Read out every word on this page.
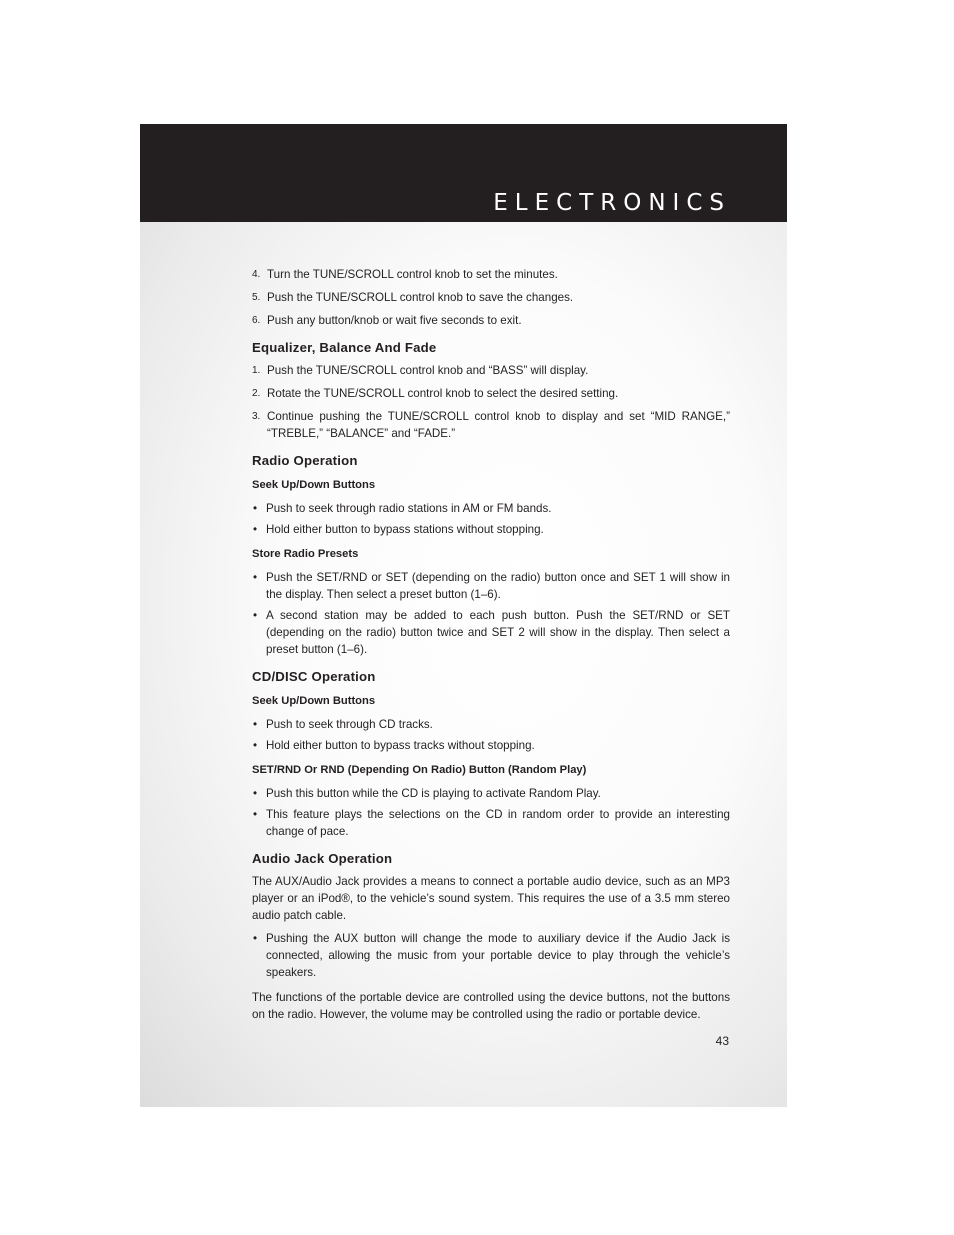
ELECTRONICS
4. Turn the TUNE/SCROLL control knob to set the minutes.
5. Push the TUNE/SCROLL control knob to save the changes.
6. Push any button/knob or wait five seconds to exit.
Equalizer, Balance And Fade
1. Push the TUNE/SCROLL control knob and “BASS” will display.
2. Rotate the TUNE/SCROLL control knob to select the desired setting.
3. Continue pushing the TUNE/SCROLL control knob to display and set “MID RANGE,” “TREBLE,” “BALANCE” and “FADE.”
Radio Operation
Seek Up/Down Buttons
• Push to seek through radio stations in AM or FM bands.
• Hold either button to bypass stations without stopping.
Store Radio Presets
• Push the SET/RND or SET (depending on the radio) button once and SET 1 will show in the display. Then select a preset button (1–6).
• A second station may be added to each push button. Push the SET/RND or SET (depending on the radio) button twice and SET 2 will show in the display. Then select a preset button (1–6).
CD/DISC Operation
Seek Up/Down Buttons
• Push to seek through CD tracks.
• Hold either button to bypass tracks without stopping.
SET/RND Or RND (Depending On Radio) Button (Random Play)
• Push this button while the CD is playing to activate Random Play.
• This feature plays the selections on the CD in random order to provide an interesting change of pace.
Audio Jack Operation
The AUX/Audio Jack provides a means to connect a portable audio device, such as an MP3 player or an iPod®, to the vehicle’s sound system. This requires the use of a 3.5 mm stereo audio patch cable.
• Pushing the AUX button will change the mode to auxiliary device if the Audio Jack is connected, allowing the music from your portable device to play through the vehicle’s speakers.
The functions of the portable device are controlled using the device buttons, not the buttons on the radio. However, the volume may be controlled using the radio or portable device.
43
